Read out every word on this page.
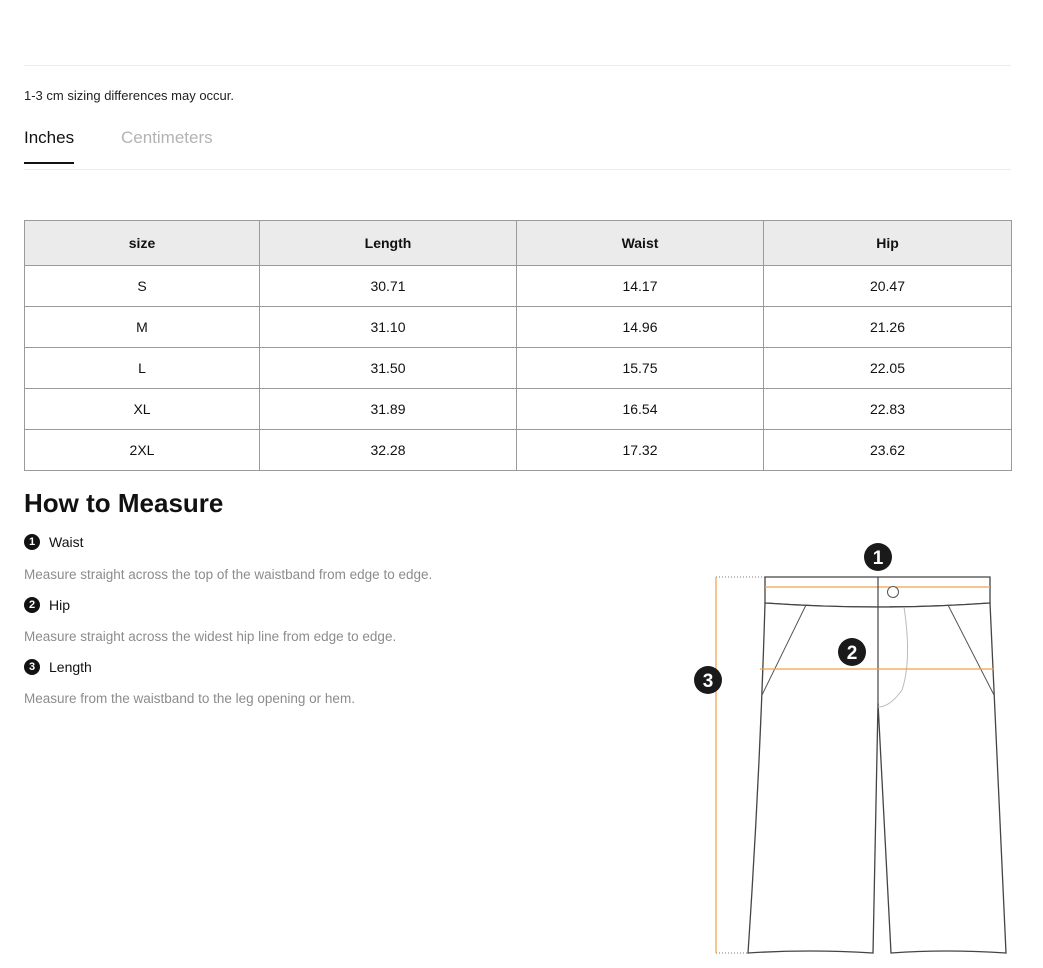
1-3 cm sizing differences may occur.
Inches	Centimeters
size	Length	Waist	Hip
S	30.71	14.17	20.47
M	31.10	14.96	21.26
L	31.50	15.75	22.05
XL	31.89	16.54	22.83
2XL	32.28	17.32	23.62
How to Measure
1 Waist
Measure straight across the top of the waistband from edge to edge.
2 Hip
Measure straight across the widest hip line from edge to edge.
3 Length
Measure from the waistband to the leg opening or hem.
1
2
3
